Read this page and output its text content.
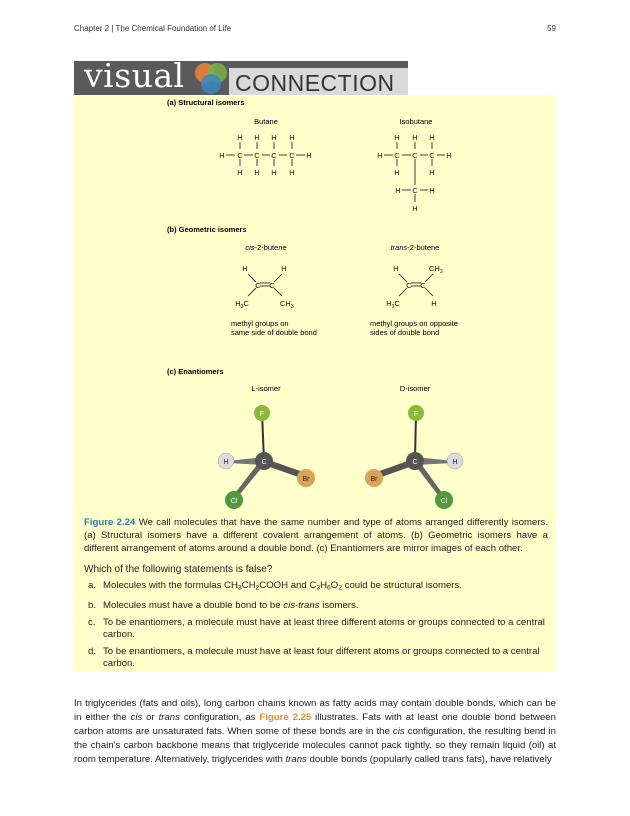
Chapter 2 | The Chemical Foundation of Life	59
visual CONNECTION
(a) Structural isomers
Butane	Isobutane
H H H H
H C C C C H
H H H H
H H H
H C C C H
H	H
H C H
H
(b) Geometric isomers
cis-2-butene	trans-2-butene
H	H
C C
$H_3C$	$CH_3$
methyl groups on
same side of double bond
H	$CH_3$
C C
$H_3C$	H
methyl groups on opposite
sides of double bond
(c) Enantiomers
L-isomer	D-isomer
F
H
Br
Cl
C
F
H
Br
Cl
C
Figure 2.24 We call molecules that have the same number and type of atoms arranged differently isomers. (a) Structural isomers have a different covalent arrangement of atoms. (b) Geometric isomers have a different arrangement of atoms around a double bond. (c) Enantiomers are mirror images of each other.
Which of the following statements is false?
a. Molecules with the formulas $CH_3CH_2COOH$ and $C_3H_6O_2$ could be structural isomers.
b. Molecules must have a double bond to be cis-trans isomers.
c. To be enantiomers, a molecule must have at least three different atoms or groups connected to a central carbon.
d. To be enantiomers, a molecule must have at least four different atoms or groups connected to a central carbon.

In triglycerides (fats and oils), long carbon chains known as fatty acids may contain double bonds, which can be in either the cis or trans configuration, as Figure 2.25 illustrates. Fats with at least one double bond between carbon atoms are unsaturated fats. When some of these bonds are in the cis configuration, the resulting bend in the chain's carbon backbone means that triglyceride molecules cannot pack tightly, so they remain liquid (oil) at room temperature. Alternatively, triglycerides with trans double bonds (popularly called trans fats), have relatively
